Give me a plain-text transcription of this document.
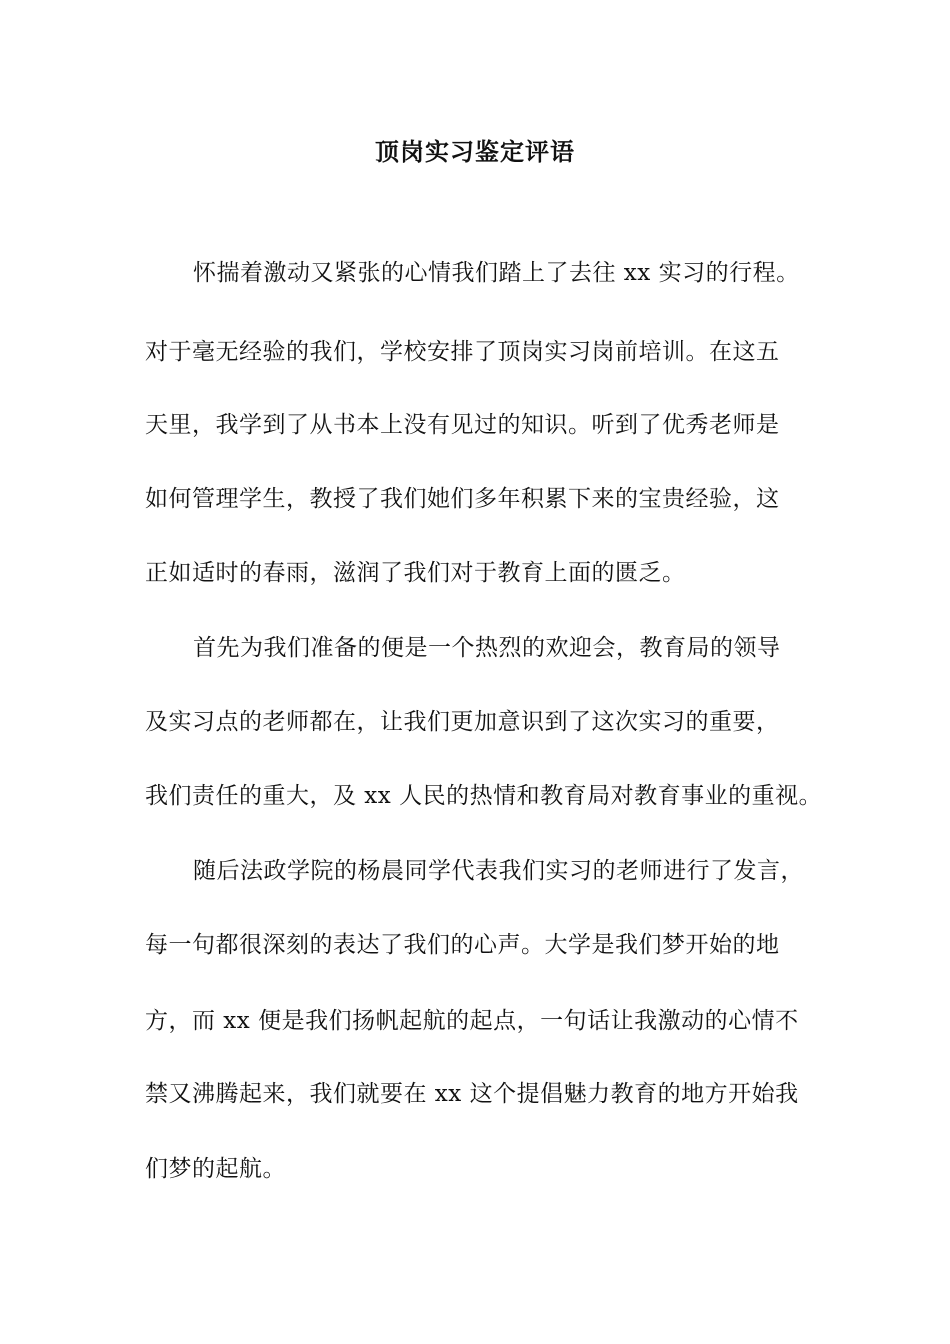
顶岗实习鉴定评语
怀揣着激动又紧张的心情我们踏上了去往 xx 实习的行程。
对于毫无经验的我们，学校安排了顶岗实习岗前培训。在这五
天里，我学到了从书本上没有见过的知识。听到了优秀老师是
如何管理学生，教授了我们她们多年积累下来的宝贵经验，这
正如适时的春雨，滋润了我们对于教育上面的匮乏。
首先为我们准备的便是一个热烈的欢迎会，教育局的领导
及实习点的老师都在，让我们更加意识到了这次实习的重要，
我们责任的重大，及 xx 人民的热情和教育局对教育事业的重视。
随后法政学院的杨晨同学代表我们实习的老师进行了发言，
每一句都很深刻的表达了我们的心声。大学是我们梦开始的地
方，而 xx 便是我们扬帆起航的起点，一句话让我激动的心情不
禁又沸腾起来，我们就要在 xx 这个提倡魅力教育的地方开始我
们梦的起航。
